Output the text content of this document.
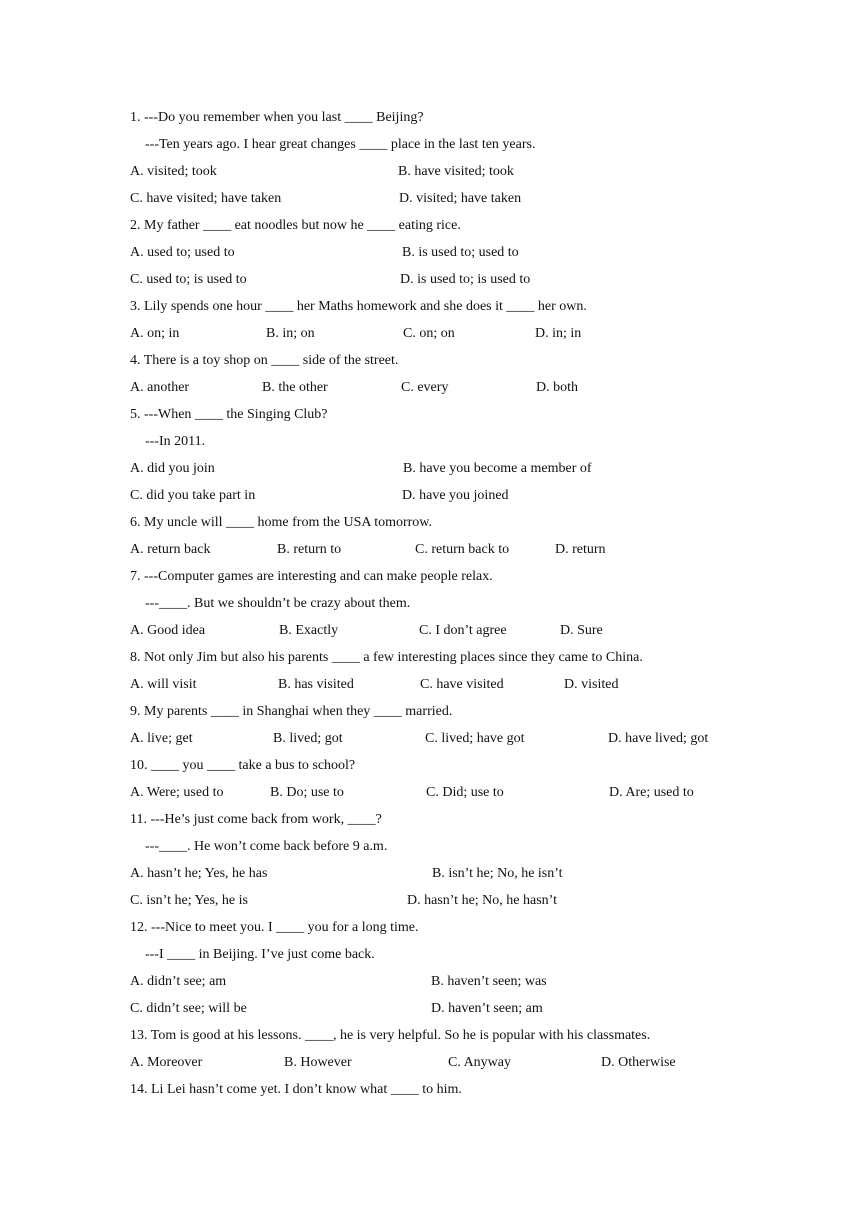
1. ---Do you remember when you last ____ Beijing?
---Ten years ago. I hear great changes ____ place in the last ten years.
A. visited; took	B. have visited; took
C. have visited; have taken	D. visited; have taken
2. My father ____ eat noodles but now he ____ eating rice.
A. used to; used to	B. is used to; used to
C. used to; is used to	D. is used to; is used to
3. Lily spends one hour ____ her Maths homework and she does it ____ her own.
A. on; in	B. in; on	C. on; on	D. in; in
4. There is a toy shop on ____ side of the street.
A. another	B. the other	C. every	D. both
5. ---When ____ the Singing Club?
---In 2011.
A. did you join	B. have you become a member of
C. did you take part in	D. have you joined
6. My uncle will ____ home from the USA tomorrow.
A. return back	B. return to	C. return back to	D. return
7. ---Computer games are interesting and can make people relax.
---____. But we shouldn’t be crazy about them.
A. Good idea	B. Exactly	C. I don’t agree	D. Sure
8. Not only Jim but also his parents ____ a few interesting places since they came to China.
A. will visit	B. has visited	C. have visited	D. visited
9. My parents ____ in Shanghai when they ____ married.
A. live; get	B. lived; got	C. lived; have got	D. have lived; got
10. ____ you ____ take a bus to school?
A. Were; used to	B. Do; use to	C. Did; use to	D. Are; used to
11. ---He’s just come back from work, ____?
---____. He won’t come back before 9 a.m.
A. hasn’t he; Yes, he has	B. isn’t he; No, he isn’t
C. isn’t he; Yes, he is	D. hasn’t he; No, he hasn’t
12. ---Nice to meet you. I ____ you for a long time.
---I ____ in Beijing. I’ve just come back.
A. didn’t see; am	B. haven’t seen; was
C. didn’t see; will be	D. haven’t seen; am
13. Tom is good at his lessons. ____, he is very helpful. So he is popular with his classmates.
A. Moreover	B. However	C. Anyway	D. Otherwise
14. Li Lei hasn’t come yet. I don’t know what ____ to him.
